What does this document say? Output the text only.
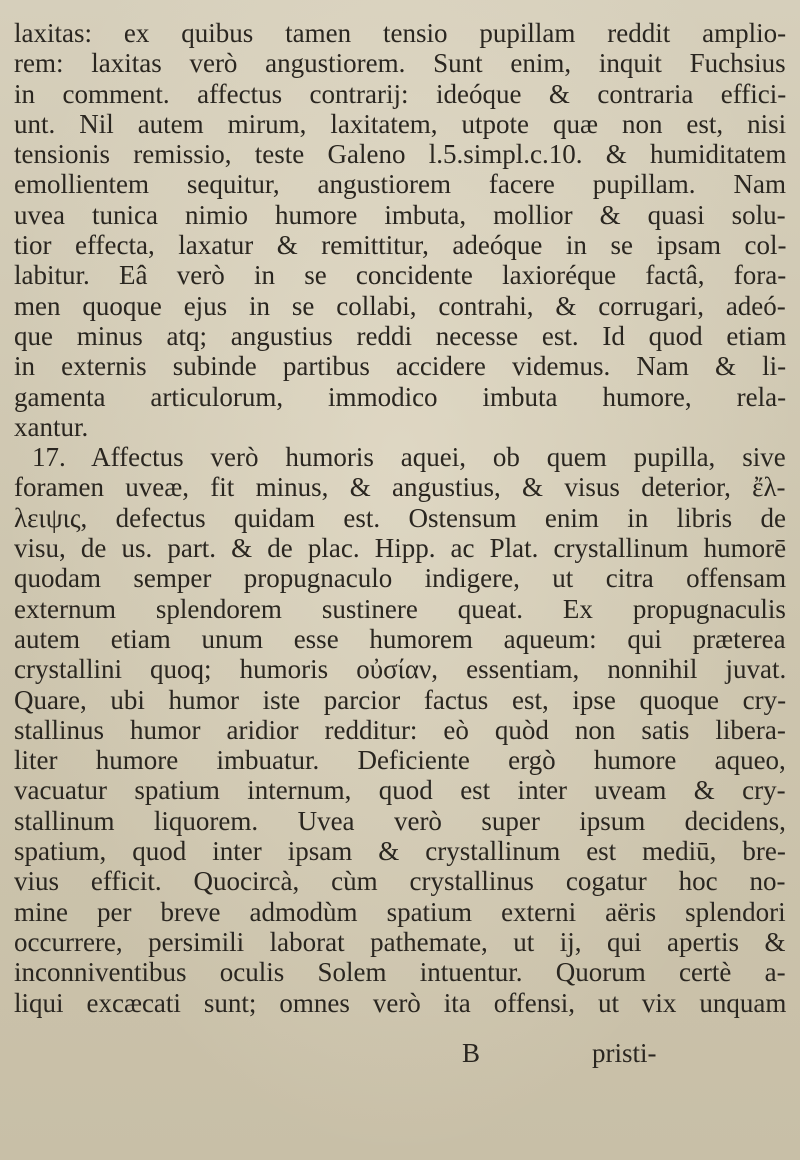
laxitas: ex quibus tamen tensio pupillam reddit amplio-
rem: laxitas verò angustiorem. Sunt enim, inquit Fuchsius
in comment. affectus contrarij: ideóque & contraria effici-
unt. Nil autem mirum, laxitatem, utpote quæ non est, nisi
tensionis remissio, teste Galeno l.5.simpl.c.10. & humiditatem
emollientem sequitur, angustiorem facere pupillam. Nam
uvea tunica nimio humore imbuta, mollior & quasi solu-
tior effecta, laxatur & remittitur, adeóque in se ipsam col-
labitur. Eâ verò in se concidente laxioréque factâ, fora-
men quoque ejus in se collabi, contrahi, & corrugari, adeó-
que minus atq; angustius reddi necesse est. Id quod etiam
in externis subinde partibus accidere videmus. Nam & li-
gamenta articulorum, immodico imbuta humore, rela-
xantur.
17. Affectus verò humoris aquei, ob quem pupilla, sive
foramen uveæ, fit minus, & angustius, & visus deterior, ἔλ-
λειψις, defectus quidam est. Ostensum enim in libris de
visu, de us. part. & de plac. Hipp. ac Plat. crystallinum humorē
quodam semper propugnaculo indigere, ut citra offensam
externum splendorem sustinere queat. Ex propugnaculis
autem etiam unum esse humorem aqueum: qui præterea
crystallini quoq; humoris οὐσίαν, essentiam, nonnihil juvat.
Quare, ubi humor iste parcior factus est, ipse quoque cry-
stallinus humor aridior redditur: eò quòd non satis libera-
liter humore imbuatur. Deficiente ergò humore aqueo,
vacuatur spatium internum, quod est inter uveam & cry-
stallinum liquorem. Uvea verò super ipsum decidens,
spatium, quod inter ipsam & crystallinum est mediū, bre-
vius efficit. Quocircà, cùm crystallinus cogatur hoc no-
mine per breve admodùm spatium externi aëris splendori
occurrere, persimili laborat pathemate, ut ij, qui apertis &
inconniventibus oculis Solem intuentur. Quorum certè a-
liqui excæcati sunt; omnes verò ita offensi, ut vix unquam
B	pristi-
